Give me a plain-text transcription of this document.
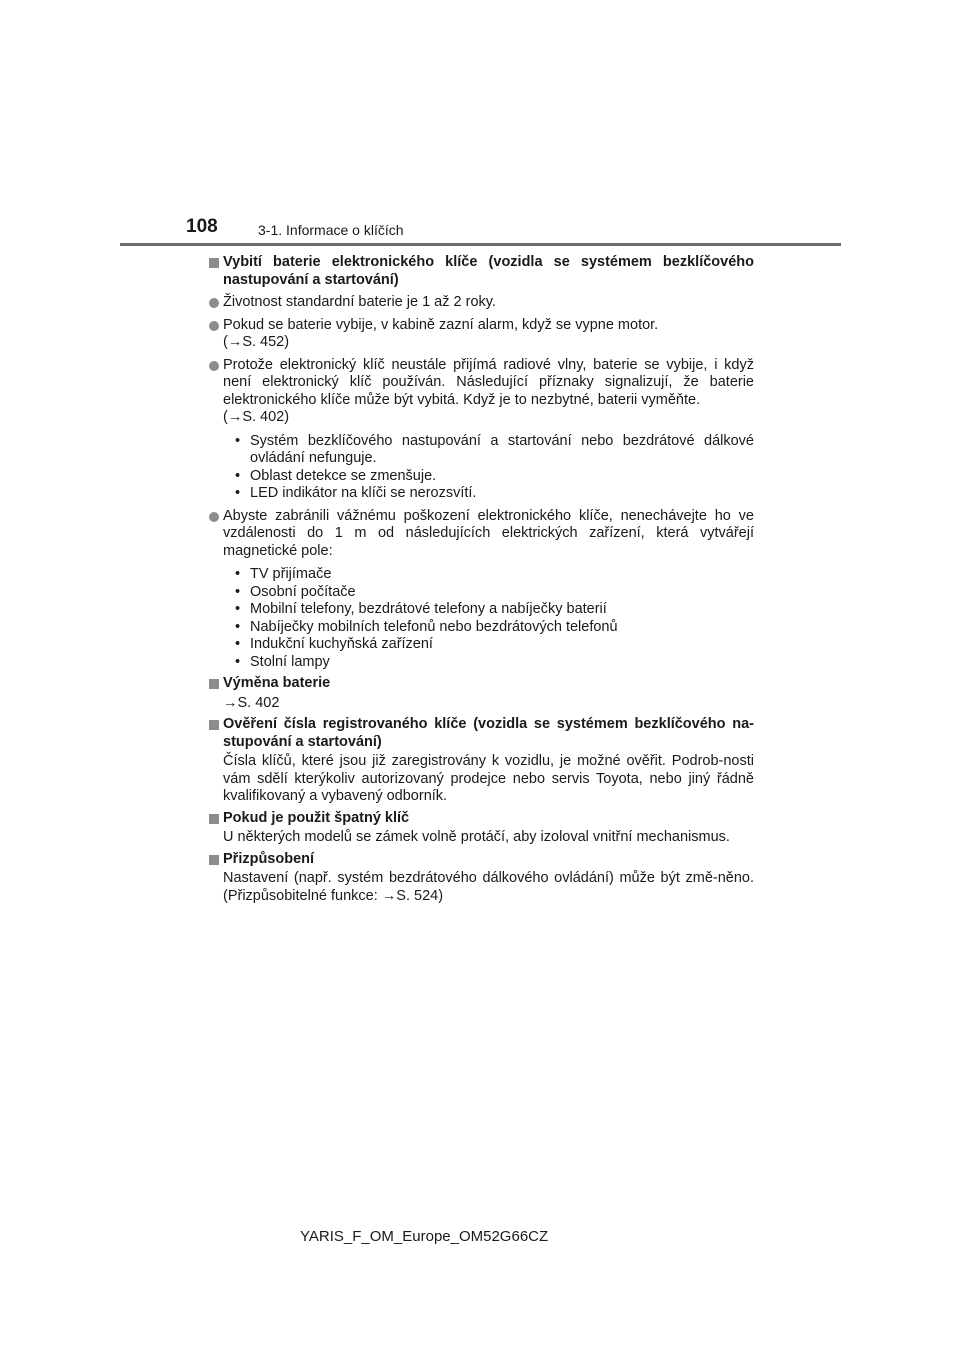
108	3-1. Informace o klíčích
Vybití baterie elektronického klíče (vozidla se systémem bezklíčového nastupování a startování)
Životnost standardní baterie je 1 až 2 roky.
Pokud se baterie vybije, v kabině zazní alarm, když se vypne motor.
(→S. 452)
Protože elektronický klíč neustále přijímá radiové vlny, baterie se vybije, i když není elektronický klíč používán. Následující příznaky signalizují, že baterie elektronického klíče může být vybitá. Když je to nezbytné, baterii vyměňte.
(→S. 402)
• Systém bezklíčového nastupování a startování nebo bezdrátové dálkové ovládání nefunguje.
• Oblast detekce se zmenšuje.
• LED indikátor na klíči se nerozsvítí.
Abyste zabránili vážnému poškození elektronického klíče, nenechávejte ho ve vzdálenosti do 1 m od následujících elektrických zařízení, která vytvářejí magnetické pole:
• TV přijímače
• Osobní počítače
• Mobilní telefony, bezdrátové telefony a nabíječky baterií
• Nabíječky mobilních telefonů nebo bezdrátových telefonů
• Indukční kuchyňská zařízení
• Stolní lampy
Výměna baterie
→S. 402
Ověření čísla registrovaného klíče (vozidla se systémem bezklíčového na-stupování a startování)
Čísla klíčů, které jsou již zaregistrovány k vozidlu, je možné ověřit. Podrob-nosti vám sdělí kterýkoliv autorizovaný prodejce nebo servis Toyota, nebo jiný řádně kvalifikovaný a vybavený odborník.
Pokud je použit špatný klíč
U některých modelů se zámek volně protáčí, aby izoloval vnitřní mechanismus.
Přizpůsobení
Nastavení (např. systém bezdrátového dálkového ovládání) může být změ-něno. (Přizpůsobitelné funkce: →S. 524)
YARIS_F_OM_Europe_OM52G66CZ
